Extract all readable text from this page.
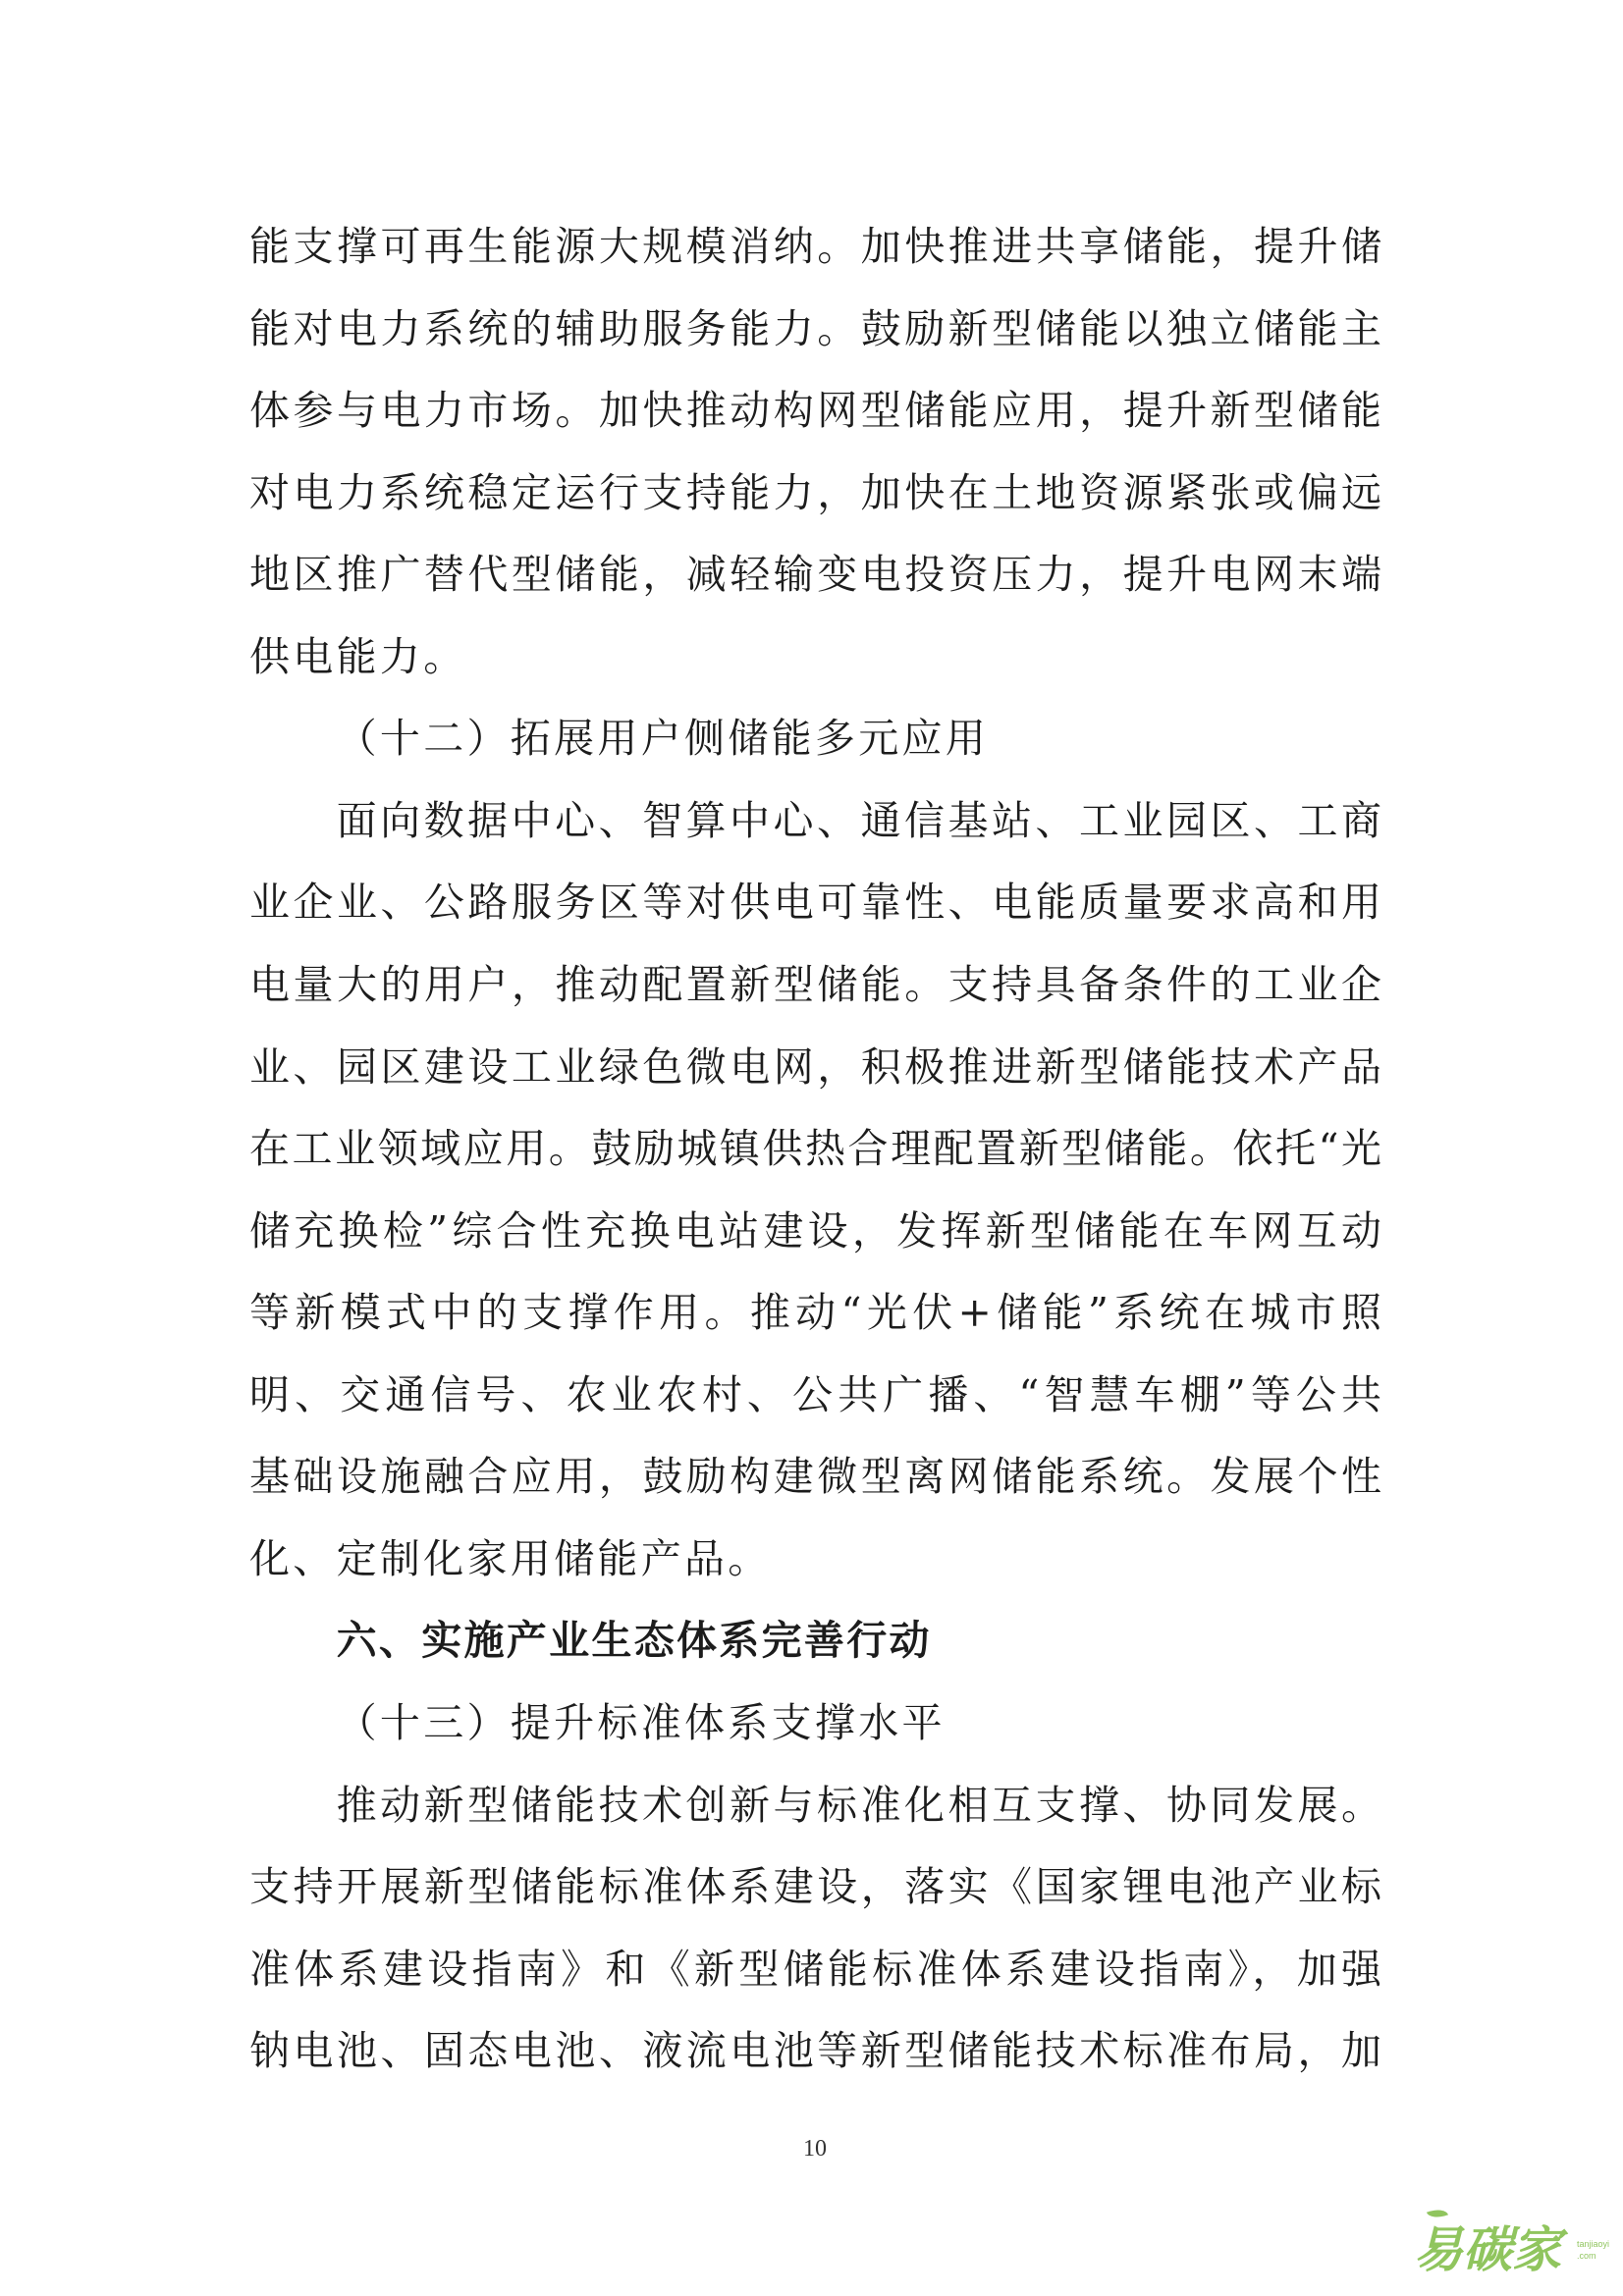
能支撑可再生能源大规模消纳。加快推进共享储能，提升储
能对电力系统的辅助服务能力。鼓励新型储能以独立储能主
体参与电力市场。加快推动构网型储能应用，提升新型储能
对电力系统稳定运行支持能力，加快在土地资源紧张或偏远
地区推广替代型储能，减轻输变电投资压力，提升电网末端
供电能力。
（十二）拓展用户侧储能多元应用
面向数据中心、智算中心、通信基站、工业园区、工商
业企业、公路服务区等对供电可靠性、电能质量要求高和用
电量大的用户，推动配置新型储能。支持具备条件的工业企
业、园区建设工业绿色微电网，积极推进新型储能技术产品
在工业领域应用。鼓励城镇供热合理配置新型储能。依托“光
储充换检”综合性充换电站建设，发挥新型储能在车网互动
等新模式中的支撑作用。推动“光伏+储能”系统在城市照
明、交通信号、农业农村、公共广播、“智慧车棚”等公共
基础设施融合应用，鼓励构建微型离网储能系统。发展个性
化、定制化家用储能产品。
六、实施产业生态体系完善行动
（十三）提升标准体系支撑水平
推动新型储能技术创新与标准化相互支撑、协同发展。
支持开展新型储能标准体系建设，落实《国家锂电池产业标
准体系建设指南》和《新型储能标准体系建设指南》，加强
钠电池、固态电池、液流电池等新型储能技术标准布局，加
10
易碳家	tanjiaoyi
.com
